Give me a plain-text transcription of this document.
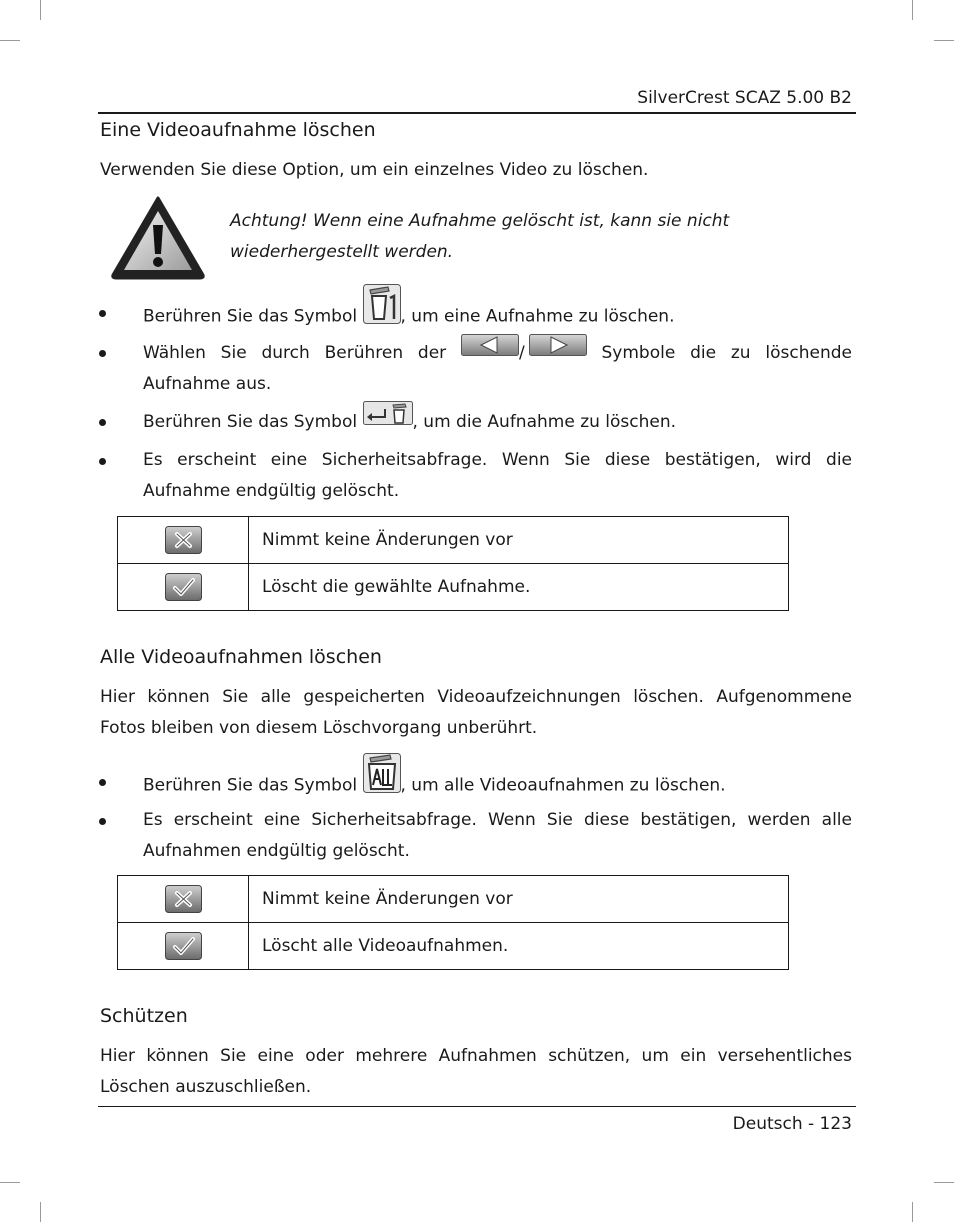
SilverCrest SCAZ 5.00 B2
Eine Videoaufnahme löschen
Verwenden Sie diese Option, um ein einzelnes Video zu löschen.
Achtung! Wenn eine Aufnahme gelöscht ist, kann sie nicht
wiederhergestellt werden.
Berühren Sie das Symbol , um eine Aufnahme zu löschen.
Wählen Sie durch Berühren der	/	Symbole die zu löschende Aufnahme aus.
Berühren Sie das Symbol	, um die Aufnahme zu löschen.
Es erscheint eine Sicherheitsabfrage. Wenn Sie diese bestätigen, wird die Aufnahme endgültig gelöscht.
	Nimmt keine Änderungen vor
	Löscht die gewählte Aufnahme.
Alle Videoaufnahmen löschen
Hier können Sie alle gespeicherten Videoaufzeichnungen löschen. Aufgenommene Fotos bleiben von diesem Löschvorgang unberührt.
Berühren Sie das Symbol , um alle Videoaufnahmen zu löschen.
Es erscheint eine Sicherheitsabfrage. Wenn Sie diese bestätigen, werden alle Aufnahmen endgültig gelöscht.
	Nimmt keine Änderungen vor
	Löscht alle Videoaufnahmen.
Schützen
Hier können Sie eine oder mehrere Aufnahmen schützen, um ein versehentliches Löschen auszuschließen.
Deutsch - 123
